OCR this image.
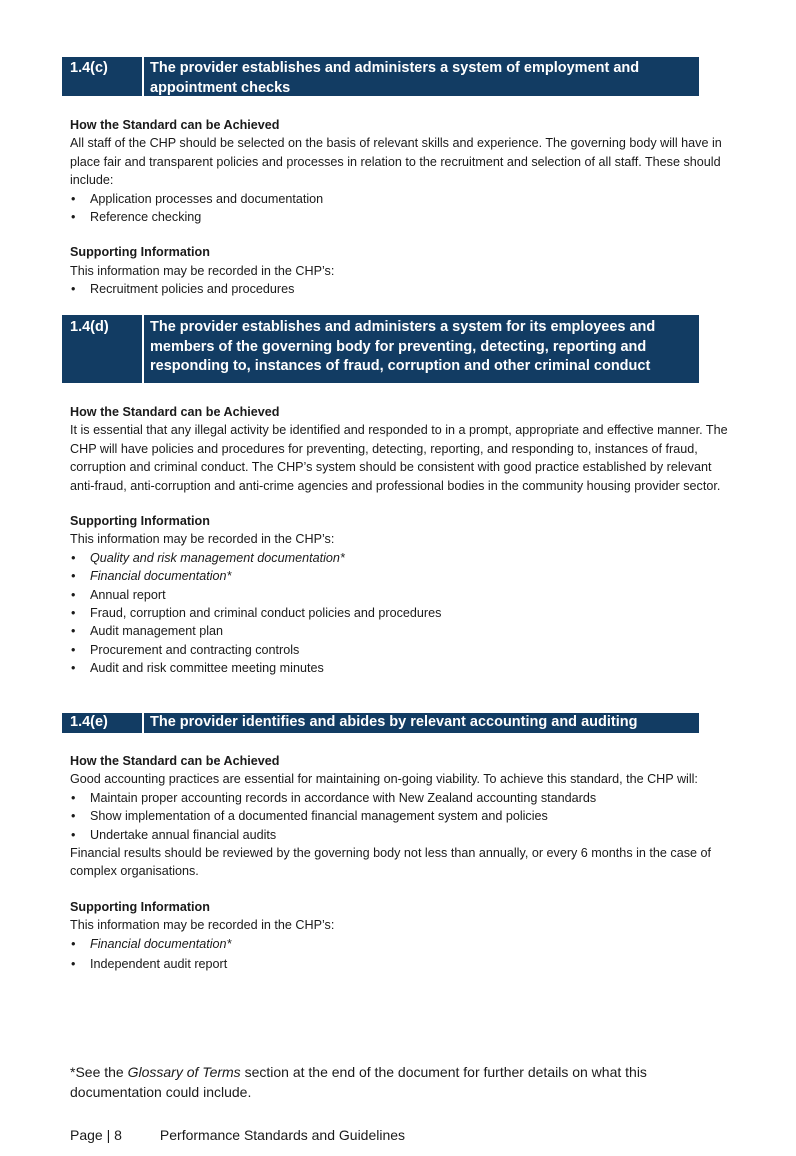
1.4(c)	The provider establishes and administers a system of employment and appointment checks
How the Standard can be Achieved
All staff of the CHP should be selected on the basis of relevant skills and experience. The governing body will have in place fair and transparent policies and processes in relation to the recruitment and selection of all staff. These should include:
• Application processes and documentation
• Reference checking
Supporting Information
This information may be recorded in the CHP’s:
• Recruitment policies and procedures
1.4(d)	The provider establishes and administers a system for its employees and members of the governing body for preventing, detecting, reporting and responding to, instances of fraud, corruption and other criminal conduct
How the Standard can be Achieved
It is essential that any illegal activity be identified and responded to in a prompt, appropriate and effective manner. The CHP will have policies and procedures for preventing, detecting, reporting, and responding to, instances of fraud, corruption and criminal conduct. The CHP’s system should be consistent with good practice established by relevant anti-fraud, anti-corruption and anti-crime agencies and professional bodies in the community housing provider sector.
Supporting Information
This information may be recorded in the CHP’s:
• Quality and risk management documentation*
• Financial documentation*
• Annual report
• Fraud, corruption and criminal conduct policies and procedures
• Audit management plan
• Procurement and contracting controls
• Audit and risk committee meeting minutes
1.4(e)	The provider identifies and abides by relevant accounting and auditing practices
How the Standard can be Achieved
Good accounting practices are essential for maintaining on-going viability. To achieve this standard, the CHP will:
• Maintain proper accounting records in accordance with New Zealand accounting standards
• Show implementation of a documented financial management system and policies
• Undertake annual financial audits
Financial results should be reviewed by the governing body not less than annually, or every 6 months in the case of complex organisations.
Supporting Information
This information may be recorded in the CHP’s:
• Financial documentation*
• Independent audit report
*See the Glossary of Terms section at the end of the document for further details on what this documentation could include.
Page | 8	Performance Standards and Guidelines
